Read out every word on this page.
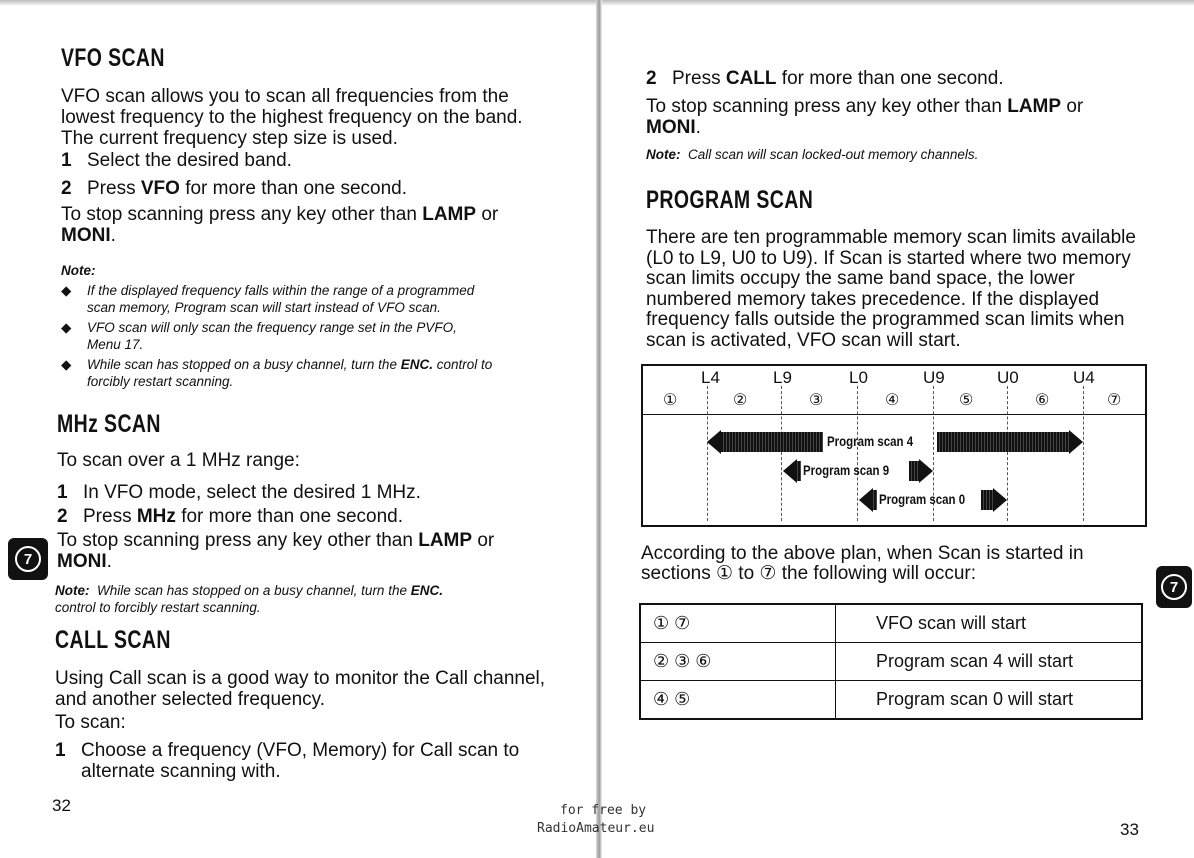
VFO SCAN
VFO scan allows you to scan all frequencies from the
lowest frequency to the highest frequency on the band.
The current frequency step size is used.
1 Select the desired band.
2 Press VFO for more than one second.
To stop scanning press any key other than LAMP or
MONI.
Note:
◆ If the displayed frequency falls within the range of a programmed
scan memory, Program scan will start instead of VFO scan.
◆ VFO scan will only scan the frequency range set in the PVFO,
Menu 17.
◆ While scan has stopped on a busy channel, turn the ENC. control to
forcibly restart scanning.
MHz SCAN
To scan over a 1 MHz range:
1 In VFO mode, select the desired 1 MHz.
2 Press MHz for more than one second.
To stop scanning press any key other than LAMP or
MONI.
Note: While scan has stopped on a busy channel, turn the ENC.
control to forcibly restart scanning.
CALL SCAN
Using Call scan is a good way to monitor the Call channel,
and another selected frequency.
To scan:
1 Choose a frequency (VFO, Memory) for Call scan to
alternate scanning with.
32
7
2 Press CALL for more than one second.
To stop scanning press any key other than LAMP or
MONI.
Note: Call scan will scan locked-out memory channels.
PROGRAM SCAN
There are ten programmable memory scan limits available
(L0 to L9, U0 to U9). If Scan is started where two memory
scan limits occupy the same band space, the lower
numbered memory takes precedence. If the displayed
frequency falls outside the programmed scan limits when
scan is activated, VFO scan will start.
L4	L9	L0	U9	U0	U4
①	②	③	④	⑤	⑥	⑦
Program scan 4
Program scan 9
Program scan 0
According to the above plan, when Scan is started in
sections ① to ⑦ the following will occur:
① ⑦	VFO scan will start
② ③ ⑥	Program scan 4 will start
④ ⑤	Program scan 0 will start
33
7
for free by
RadioAmateur.eu
